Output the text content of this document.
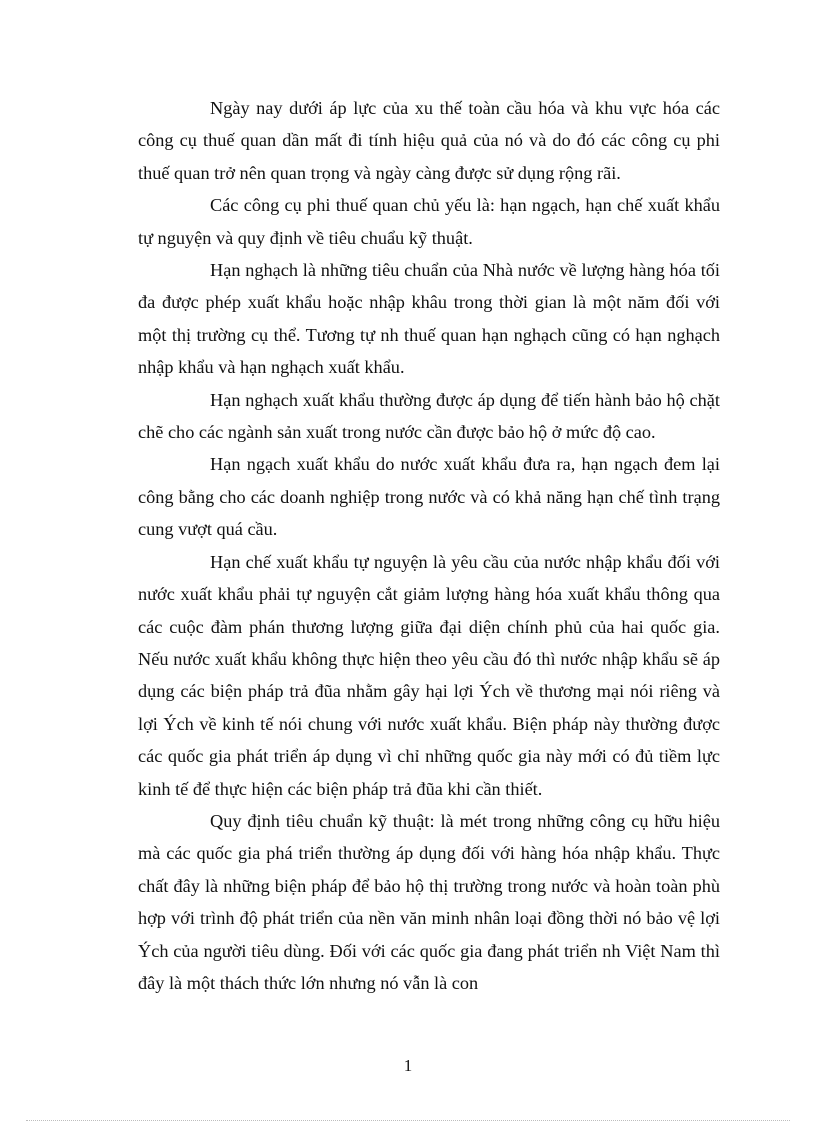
Ngày nay dưới áp lực của xu thế toàn cầu hóa và khu vực hóa các công cụ thuế quan dần mất đi tính hiệu quả của nó và do đó các công cụ phi thuế quan trở nên quan trọng và ngày càng được sử dụng rộng rãi.

Các công cụ phi thuế quan chủ yếu là: hạn ngạch, hạn chế xuất khẩu tự nguyện và quy định về tiêu chuẩu kỹ thuật.

Hạn nghạch là những tiêu chuẩn của Nhà nước về lượng hàng hóa tối đa được phép xuất khẩu hoặc nhập khâu trong thời gian là một năm đối với một thị trường cụ thể. Tương tự nh thuế quan hạn nghạch cũng có hạn nghạch nhập khẩu và hạn nghạch xuất khẩu.

Hạn nghạch xuất khẩu thường được áp dụng để tiến hành bảo hộ chặt chẽ cho các ngành sản xuất trong nước cần được bảo hộ ở mức độ cao.

Hạn ngạch xuất khẩu do nước xuất khẩu đưa ra, hạn ngạch đem lại công bằng cho các doanh nghiệp trong nước và có khả năng hạn chế tình trạng cung vượt quá cầu.

Hạn chế xuất khẩu tự nguyện là yêu cầu của nước nhập khẩu đối với nước xuất khẩu phải tự nguyện cắt giảm lượng hàng hóa xuất khẩu thông qua các cuộc đàm phán thương lượng giữa đại diện chính phủ của hai quốc gia. Nếu nước xuất khẩu không thực hiện theo yêu cầu đó thì nước nhập khẩu sẽ áp dụng các biện pháp trả đũa nhằm gây hại lợi Ých về thương mại nói riêng và lợi Ých về kinh tế nói chung với nước xuất khẩu. Biện pháp này thường được các quốc gia phát triển áp dụng vì chỉ những quốc gia này mới có đủ tiềm lực kinh tế để thực hiện các biện pháp trả đũa khi cần thiết.

Quy định tiêu chuẩn kỹ thuật: là mét trong những công cụ hữu hiệu mà các quốc gia phá triển thường áp dụng đối với hàng hóa nhập khẩu. Thực chất đây là những biện pháp để bảo hộ thị trường trong nước và hoàn toàn phù hợp với trình độ phát triển của nền văn minh nhân loại đồng thời nó bảo vệ lợi Ých của người tiêu dùng. Đối với các quốc gia đang phát triển nh Việt Nam thì đây là một thách thức lớn nhưng nó vẫn là con

1
